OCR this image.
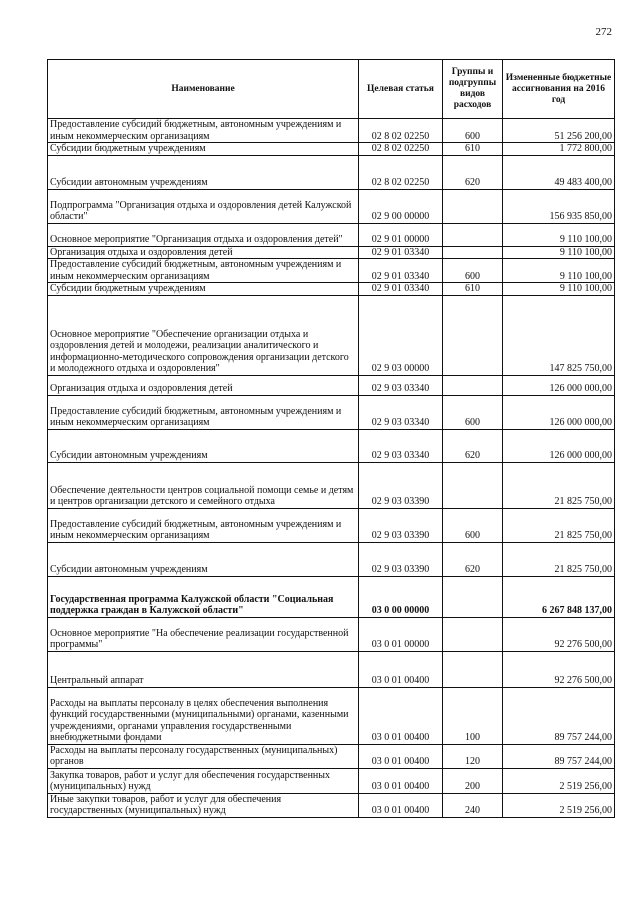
272
Наименование	Целевая статья	Группы и подгруппы видов расходов	Измененные бюджетные ассигнования на 2016 год
Предоставление субсидий бюджетным, автономным учреждениям и иным некоммерческим организациям	02 8 02 02250	600	51 256 200,00
Субсидии бюджетным учреждениям	02 8 02 02250	610	1 772 800,00
Субсидии автономным учреждениям	02 8 02 02250	620	49 483 400,00
Подпрограмма "Организация отдыха и оздоровления детей Калужской области"	02 9 00 00000		156 935 850,00
Основное мероприятие "Организация отдыха и оздоровления детей"	02 9 01 00000		9 110 100,00
Организация отдыха и оздоровления детей	02 9 01 03340		9 110 100,00
Предоставление субсидий бюджетным, автономным учреждениям и иным некоммерческим организациям	02 9 01 03340	600	9 110 100,00
Субсидии бюджетным учреждениям	02 9 01 03340	610	9 110 100,00
Основное мероприятие "Обеспечение организации отдыха и оздоровления детей и молодежи, реализации аналитического и информационно-методического сопровождения организации детского и молодежного отдыха и оздоровления"	02 9 03 00000		147 825 750,00
Организация отдыха и оздоровления детей	02 9 03 03340		126 000 000,00
Предоставление субсидий бюджетным, автономным учреждениям и иным некоммерческим организациям	02 9 03 03340	600	126 000 000,00
Субсидии автономным учреждениям	02 9 03 03340	620	126 000 000,00
Обеспечение деятельности центров социальной помощи семье и детям и центров организации детского и семейного отдыха	02 9 03 03390		21 825 750,00
Предоставление субсидий бюджетным, автономным учреждениям и иным некоммерческим организациям	02 9 03 03390	600	21 825 750,00
Субсидии автономным учреждениям	02 9 03 03390	620	21 825 750,00
Государственная программа Калужской области "Социальная поддержка граждан в Калужской области"	03 0 00 00000		6 267 848 137,00
Основное мероприятие "На обеспечение реализации государственной программы"	03 0 01 00000		92 276 500,00
Центральный аппарат	03 0 01 00400		92 276 500,00
Расходы на выплаты персоналу в целях обеспечения выполнения функций государственными (муниципальными) органами, казенными учреждениями, органами управления государственными внебюджетными фондами	03 0 01 00400	100	89 757 244,00
Расходы на выплаты персоналу государственных (муниципальных) органов	03 0 01 00400	120	89 757 244,00
Закупка товаров, работ и услуг для обеспечения государственных (муниципальных) нужд	03 0 01 00400	200	2 519 256,00
Иные закупки товаров, работ и услуг для обеспечения государственных (муниципальных) нужд	03 0 01 00400	240	2 519 256,00
